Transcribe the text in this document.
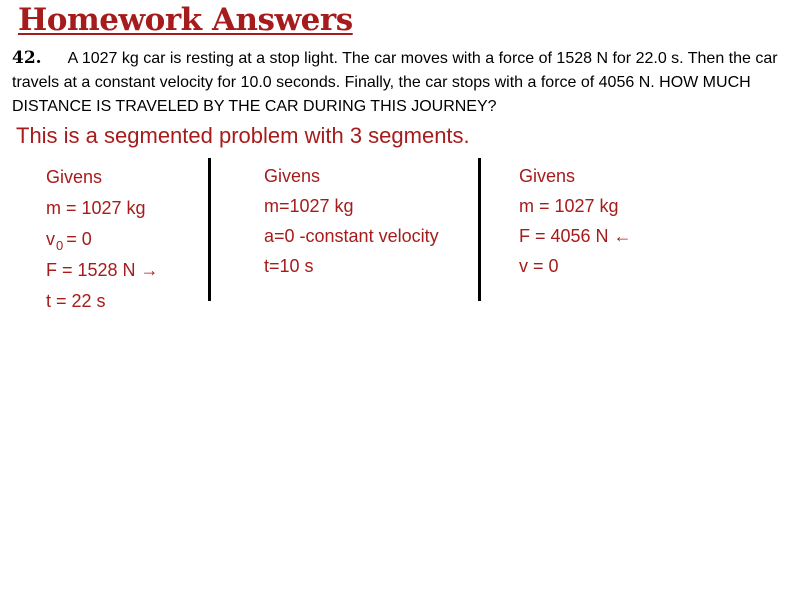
Homework Answers
42. A 1027 kg car is resting at a stop light. The car moves with a force of 1528 N for 22.0 s. Then the car travels at a constant velocity for 10.0 seconds. Finally, the car stops with a force of 4056 N. HOW MUCH DISTANCE IS TRAVELED BY THE CAR DURING THIS JOURNEY?
This is a segmented problem with 3 segments.
Givens
m = 1027 kg
$v_0 = 0$
F = 1528 N →
t = 22 s
Givens
m=1027 kg
a=0 -constant velocity
t=10 s
Givens
m = 1027 kg
F = 4056 N ←
v = 0
